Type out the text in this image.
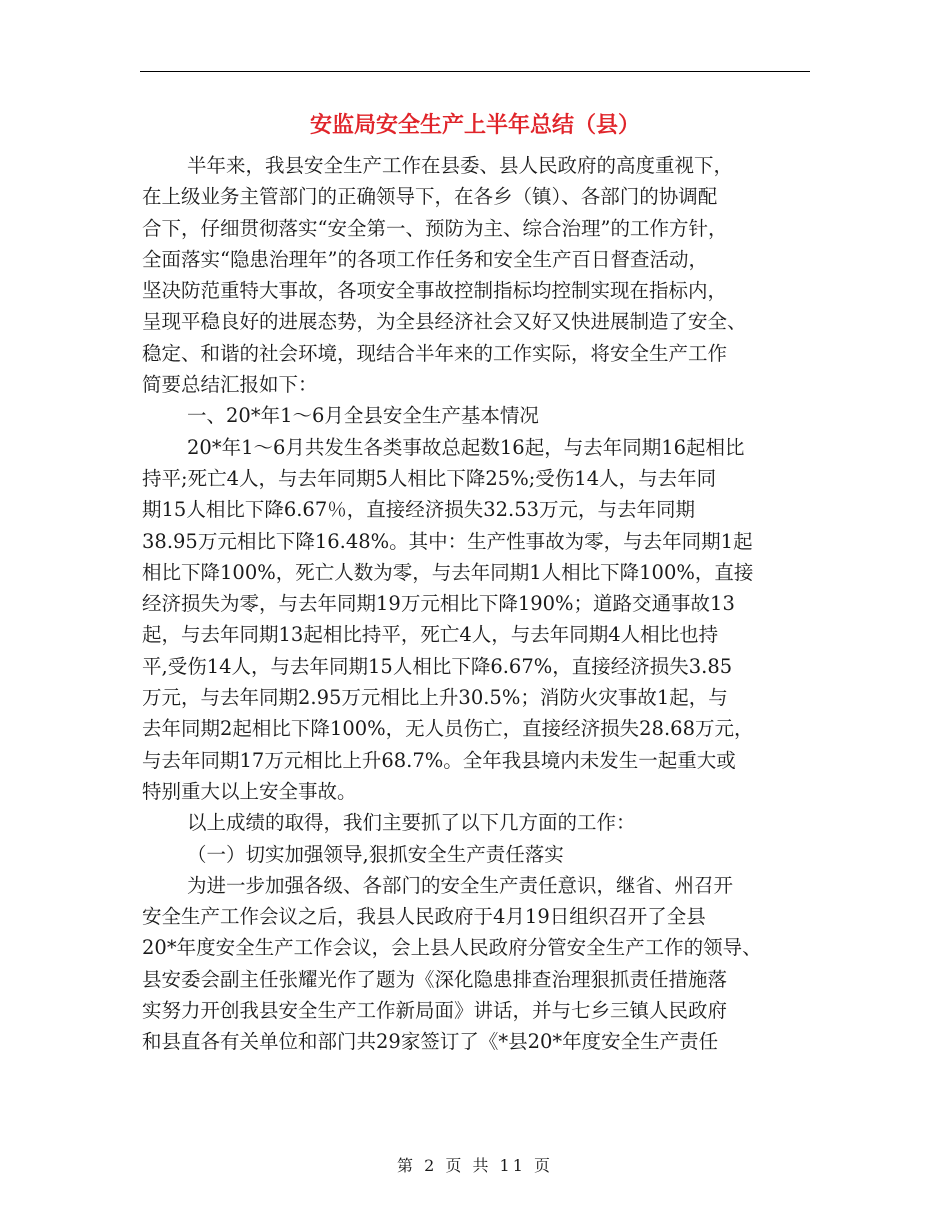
安监局安全生产上半年总结（县）

半年来，我县安全生产工作在县委、县人民政府的高度重视下，

在上级业务主管部门的正确领导下，在各乡（镇）、各部门的协调配

合下，仔细贯彻落实“安全第一、预防为主、综合治理”的工作方针，

全面落实“隐患治理年”的各项工作任务和安全生产百日督查活动，

坚决防范重特大事故，各项安全事故控制指标均控制实现在指标内，

呈现平稳良好的进展态势，为全县经济社会又好又快进展制造了安全、

稳定、和谐的社会环境，现结合半年来的工作实际，将安全生产工作

简要总结汇报如下：

一、20*年1～6月全县安全生产基本情况

20*年1～6月共发生各类事故总起数16起，与去年同期16起相比

持平;死亡4人，与去年同期5人相比下降25%;受伤14人，与去年同

期15人相比下降6.67％，直接经济损失32.53万元，与去年同期

38.95万元相比下降16.48%。其中：生产性事故为零，与去年同期1起

相比下降100%，死亡人数为零，与去年同期1人相比下降100%，直接

经济损失为零，与去年同期19万元相比下降190%；道路交通事故13

起，与去年同期13起相比持平，死亡4人，与去年同期4人相比也持

平,受伤14人，与去年同期15人相比下降6.67%，直接经济损失3.85

万元，与去年同期2.95万元相比上升30.5%；消防火灾事故1起，与

去年同期2起相比下降100%，无人员伤亡，直接经济损失28.68万元，

与去年同期17万元相比上升68.7%。全年我县境内未发生一起重大或

特别重大以上安全事故。

以上成绩的取得，我们主要抓了以下几方面的工作：

（一）切实加强领导,狠抓安全生产责任落实

为进一步加强各级、各部门的安全生产责任意识，继省、州召开

安全生产工作会议之后，我县人民政府于4月19日组织召开了全县

20*年度安全生产工作会议，会上县人民政府分管安全生产工作的领导、

县安委会副主任张耀光作了题为《深化隐患排查治理狠抓责任措施落

实努力开创我县安全生产工作新局面》讲话，并与七乡三镇人民政府

和县直各有关单位和部门共29家签订了《*县20*年度安全生产责任

第 2 页 共 11 页
